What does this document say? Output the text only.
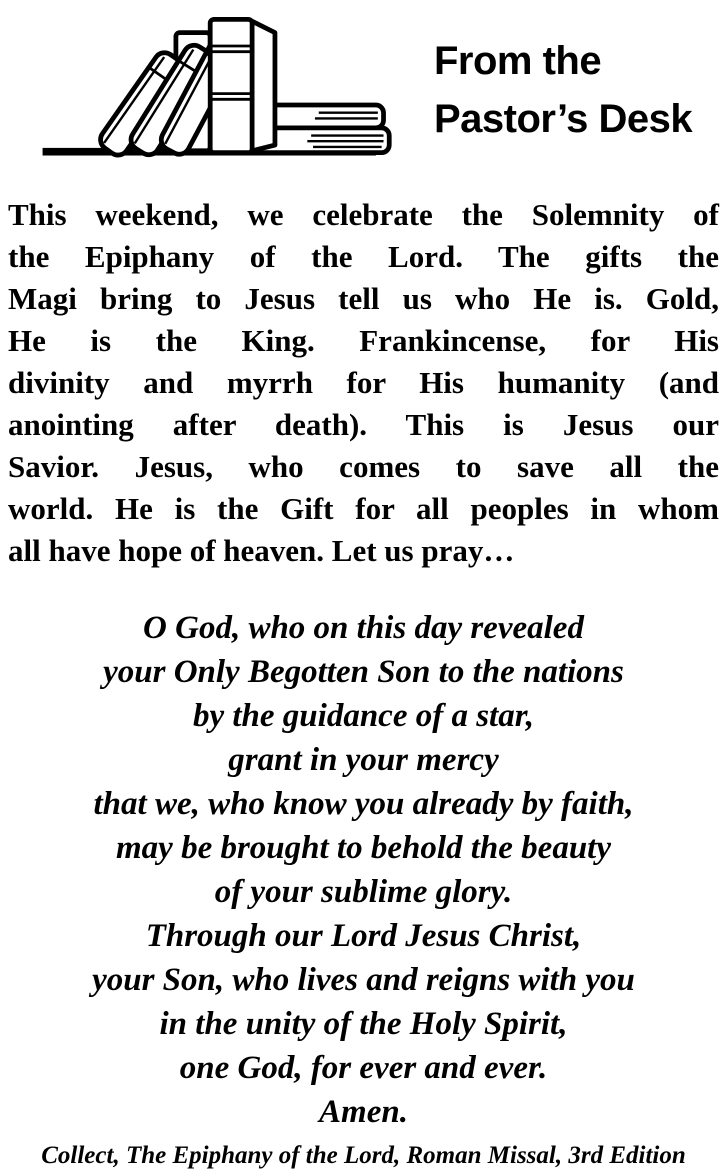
From the
Pastor’s Desk
This weekend, we celebrate the Solemnity of
the Epiphany of the Lord. The gifts the
Magi bring to Jesus tell us who He is. Gold,
He is the King. Frankincense, for His
divinity and myrrh for His humanity (and
anointing after death). This is Jesus our
Savior. Jesus, who comes to save all the
world. He is the Gift for all peoples in whom
all have hope of heaven. Let us pray…
O God, who on this day revealed
your Only Begotten Son to the nations
by the guidance of a star,
grant in your mercy
that we, who know you already by faith,
may be brought to behold the beauty
of your sublime glory.
Through our Lord Jesus Christ,
your Son, who lives and reigns with you
in the unity of the Holy Spirit,
one God, for ever and ever.
Amen.
Collect, The Epiphany of the Lord, Roman Missal, 3rd Edition
